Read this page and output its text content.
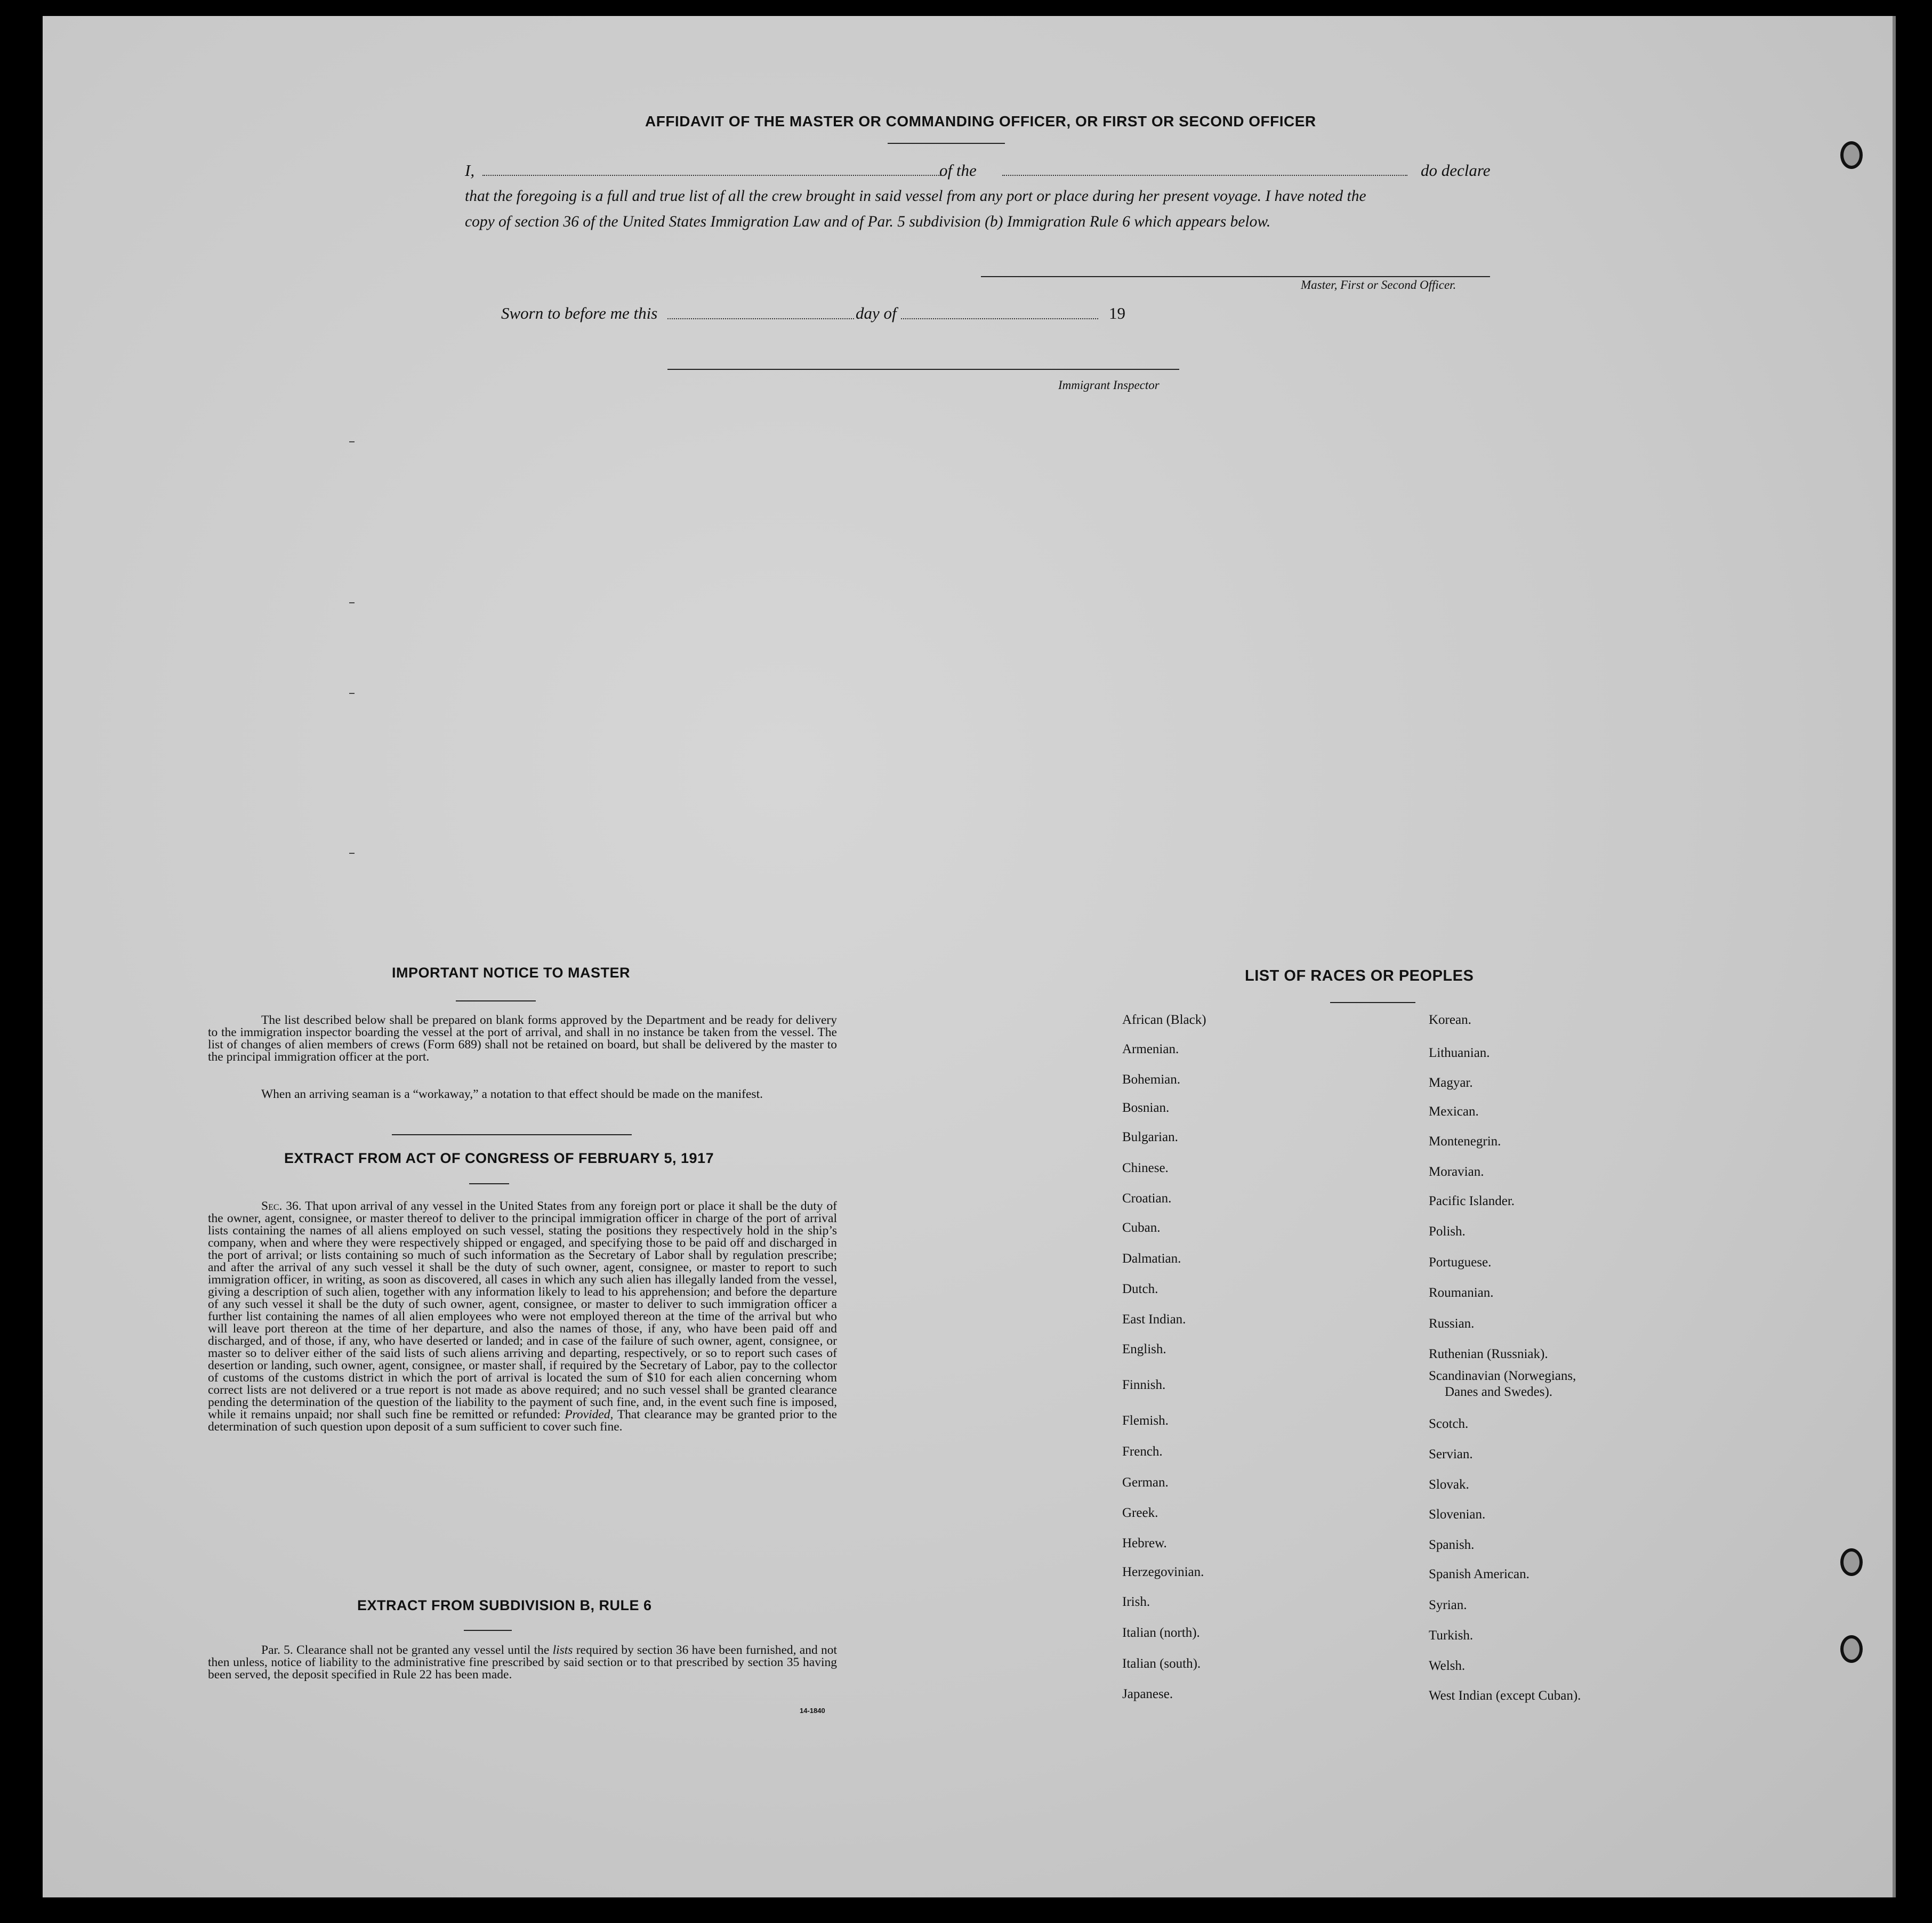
AFFIDAVIT OF THE MASTER OR COMMANDING OFFICER, OR FIRST OR SECOND OFFICER
I,	of the	do declare
that the foregoing is a full and true list of all the crew brought in said vessel from any port or place during her present voyage. I have noted the
copy of section 36 of the United States Immigration Law and of Par. 5 subdivision (b) Immigration Rule 6 which appears below.
Master, First or Second Officer.
Sworn to before me this	day of	19
Immigrant Inspector
IMPORTANT NOTICE TO MASTER
The list described below shall be prepared on blank forms approved by the Department and be ready for delivery to the immigration inspector boarding the vessel at the port of arrival, and shall in no instance be taken from the vessel. The list of changes of alien members of crews (Form 689) shall not be retained on board, but shall be delivered by the master to the principal immigration officer at the port.
When an arriving seaman is a “workaway,” a notation to that effect should be made on the manifest.
EXTRACT FROM ACT OF CONGRESS OF FEBRUARY 5, 1917
Sec. 36. That upon arrival of any vessel in the United States from any foreign port or place it shall be the duty of the owner, agent, consignee, or master thereof to deliver to the principal immigration officer in charge of the port of arrival lists containing the names of all aliens employed on such vessel, stating the positions they respectively hold in the ship’s company, when and where they were respectively shipped or engaged, and specifying those to be paid off and discharged in the port of arrival; or lists containing so much of such information as the Secretary of Labor shall by regulation prescribe; and after the arrival of any such vessel it shall be the duty of such owner, agent, consignee, or master to report to such immigration officer, in writing, as soon as discovered, all cases in which any such alien has illegally landed from the vessel, giving a description of such alien, together with any information likely to lead to his apprehension; and before the departure of any such vessel it shall be the duty of such owner, agent, consignee, or master to deliver to such immigration officer a further list containing the names of all alien employees who were not employed thereon at the time of the arrival but who will leave port thereon at the time of her departure, and also the names of those, if any, who have been paid off and discharged, and of those, if any, who have deserted or landed; and in case of the failure of such owner, agent, consignee, or master so to deliver either of the said lists of such aliens arriving and departing, respectively, or so to report such cases of desertion or landing, such owner, agent, consignee, or master shall, if required by the Secretary of Labor, pay to the collector of customs of the customs district in which the port of arrival is located the sum of $10 for each alien concerning whom correct lists are not delivered or a true report is not made as above required; and no such vessel shall be granted clearance pending the determination of the question of the liability to the payment of such fine, and, in the event such fine is imposed, while it remains unpaid; nor shall such fine be remitted or refunded: Provided, That clearance may be granted prior to the determination of such question upon deposit of a sum sufficient to cover such fine.
EXTRACT FROM SUBDIVISION B, RULE 6
Par. 5. Clearance shall not be granted any vessel until the lists required by section 36 have been furnished, and not then unless, notice of liability to the administrative fine prescribed by said section or to that prescribed by section 35 having been served, the deposit specified in Rule 22 has been made.
14-1840
LIST OF RACES OR PEOPLES
African (Black)
Armenian.
Bohemian.
Bosnian.
Bulgarian.
Chinese.
Croatian.
Cuban.
Dalmatian.
Dutch.
East Indian.
English.
Finnish.
Flemish.
French.
German.
Greek.
Hebrew.
Herzegovinian.
Irish.
Italian (north).
Italian (south).
Japanese.
Korean.
Lithuanian.
Magyar.
Mexican.
Montenegrin.
Moravian.
Pacific Islander.
Polish.
Portuguese.
Roumanian.
Russian.
Ruthenian (Russniak).
Scandinavian (Norwegians,
Danes and Swedes).
Scotch.
Servian.
Slovak.
Slovenian.
Spanish.
Spanish American.
Syrian.
Turkish.
Welsh.
West Indian (except Cuban).
